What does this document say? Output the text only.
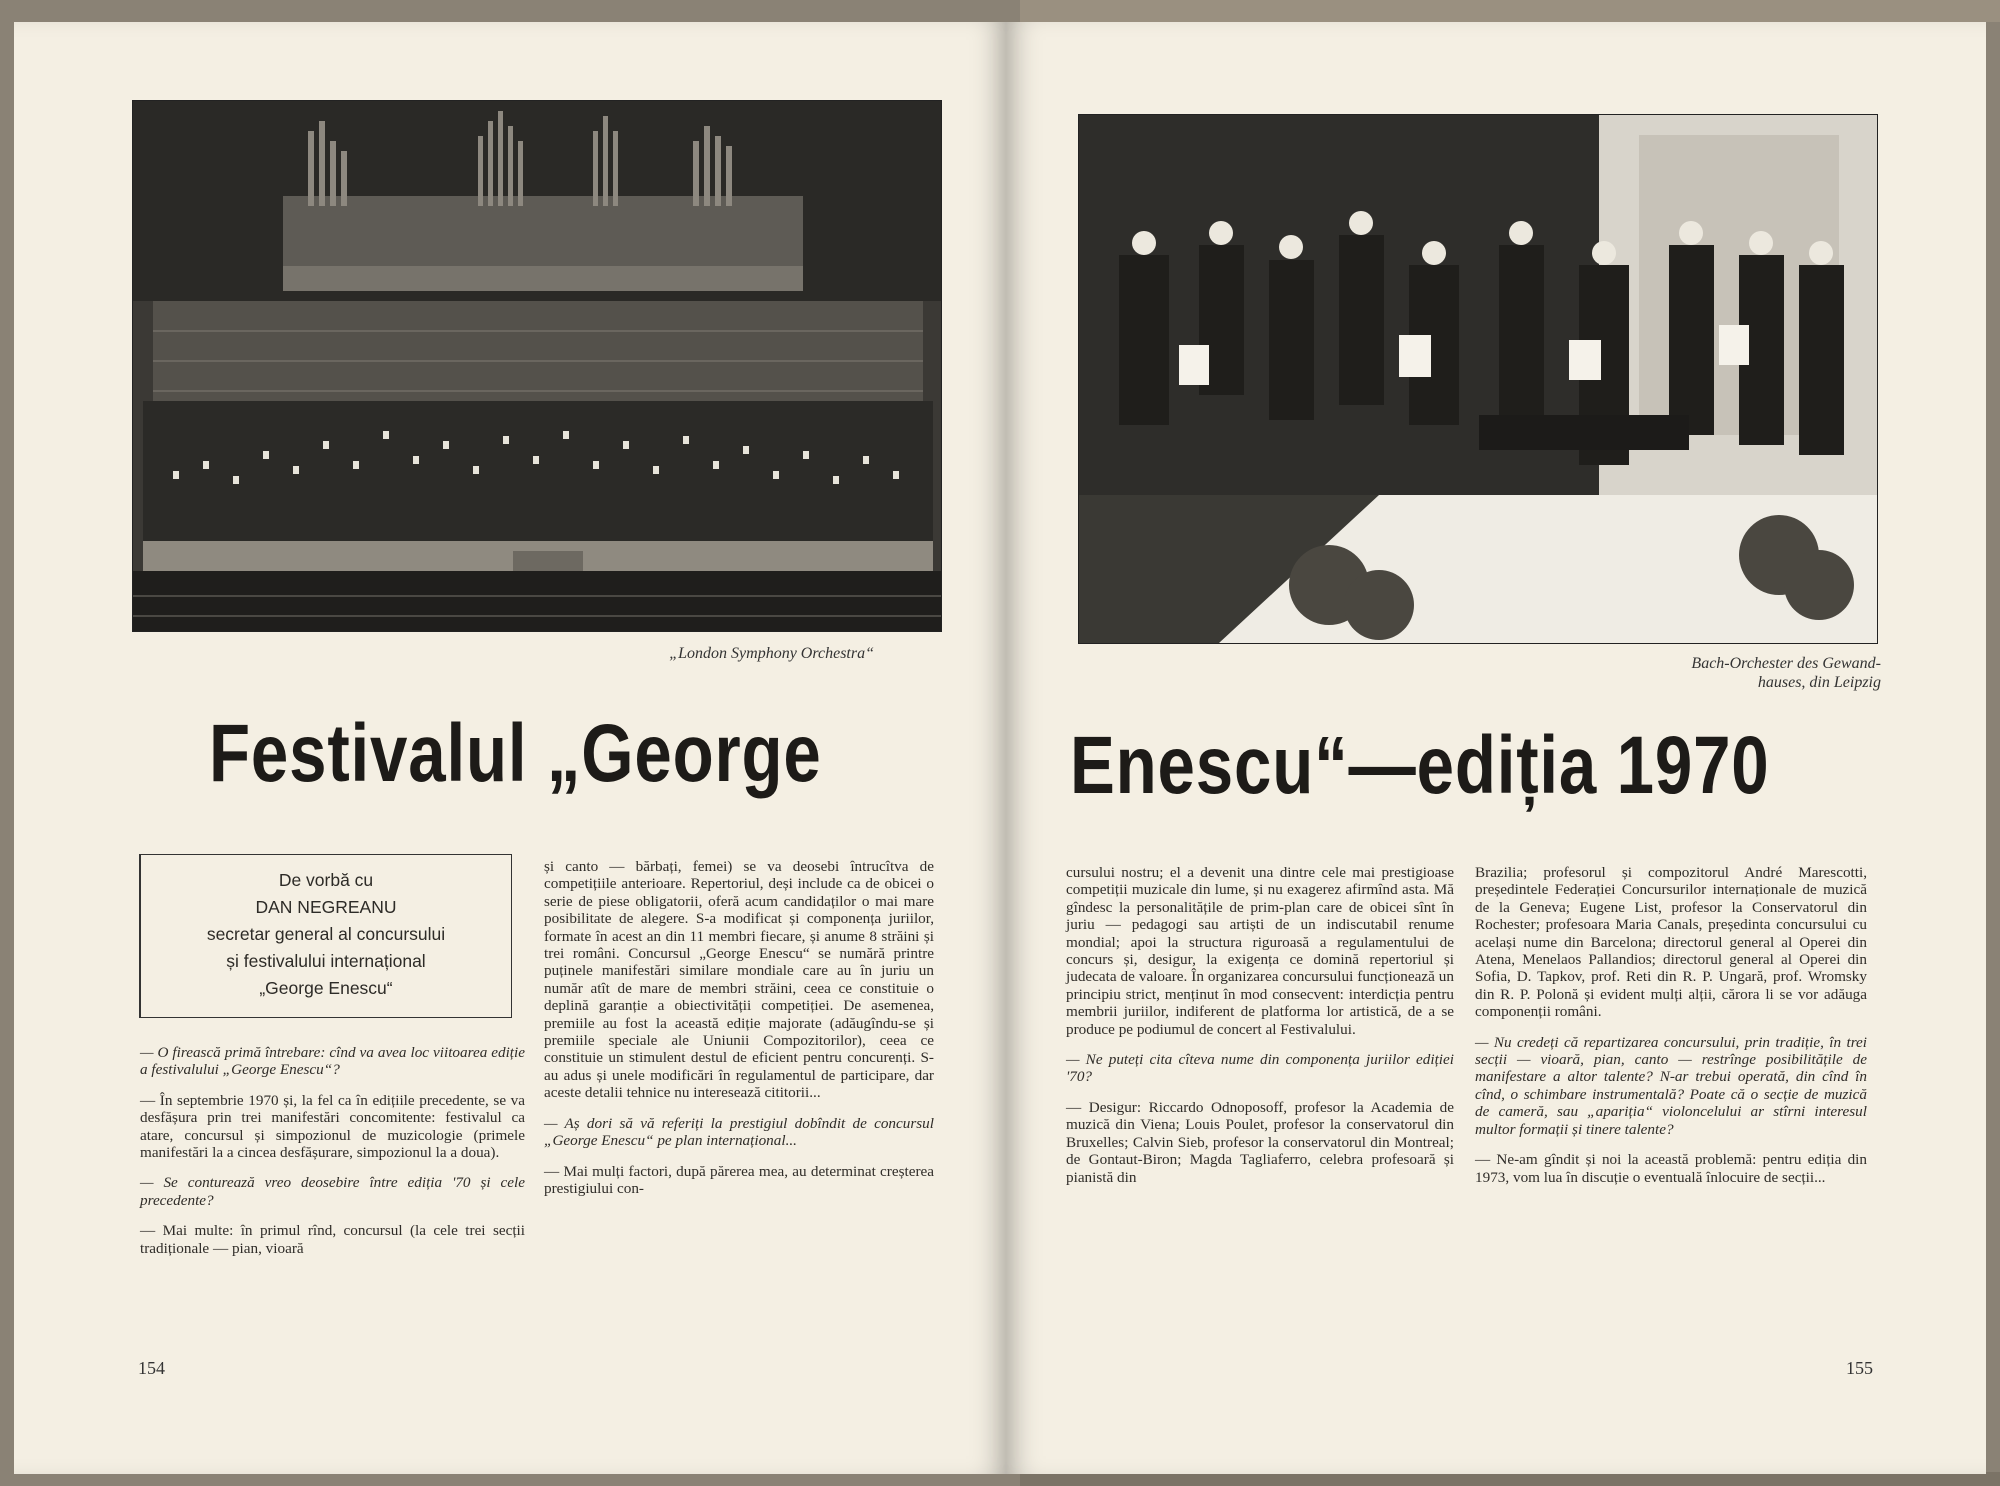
„London Symphony Orchestra“
Festivalul „George
De vorbă cu
DAN NEGREANU
secretar general al concursului
și festivalului internațional
„George Enescu“

— O firească primă întrebare: cînd va avea loc viitoarea ediție a festivalului „George Enescu“?

— În septembrie 1970 și, la fel ca în edițiile precedente, se va desfășura prin trei manifestări concomitente: festivalul ca atare, concursul și simpozionul de muzicologie (primele manifestări la a cincea desfășurare, simpozionul la a doua).

— Se conturează vreo deosebire între ediția '70 și cele precedente?

— Mai multe: în primul rînd, concursul (la cele trei secții tradiționale — pian, vioară

și canto — bărbați, femei) se va deosebi întrucîtva de competițiile anterioare. Repertoriul, deși include ca de obicei o serie de piese obligatorii, oferă acum candidaților o mai mare posibilitate de alegere. S-a modificat și componența juriilor, formate în acest an din 11 membri fiecare, și anume 8 străini și trei români. Concursul „George Enescu“ se numără printre puținele manifestări similare mondiale care au în juriu un număr atît de mare de membri străini, ceea ce constituie o deplină garanție a obiectivității competiției. De asemenea, premiile au fost la această ediție majorate (adăugîndu-se și premiile speciale ale Uniunii Compozitorilor), ceea ce constituie un stimulent destul de eficient pentru concurenți. S-au adus și unele modificări în regulamentul de participare, dar aceste detalii tehnice nu interesează cititorii...

— Aș dori să vă referiți la prestigiul dobîndit de concursul „George Enescu“ pe plan internațional...

— Mai mulți factori, după părerea mea, au determinat creșterea prestigiului con-

154
Bach-Orchester des Gewand-
hauses, din Leipzig
Enescu“—ediția 1970

cursului nostru; el a devenit una dintre cele mai prestigioase competiții muzicale din lume, și nu exagerez afirmînd asta. Mă gîndesc la personalitățile de prim-plan care de obicei sînt în juriu — pedagogi sau artiști de un indiscutabil renume mondial; apoi la structura riguroasă a regulamentului de concurs și, desigur, la exigența ce domină repertoriul și judecata de valoare. În organizarea concursului funcționează un principiu strict, menținut în mod consecvent: interdicția pentru membrii juriilor, indiferent de platforma lor artistică, de a se produce pe podiumul de concert al Festivalului.

— Ne puteți cita cîteva nume din componența juriilor ediției '70?

— Desigur: Riccardo Odnoposoff, profesor la Academia de muzică din Viena; Louis Poulet, profesor la conservatorul din Bruxelles; Calvin Sieb, profesor la conservatorul din Montreal; de Gontaut-Biron; Magda Tagliaferro, celebra profesoară și pianistă din

Brazilia; profesorul și compozitorul André Marescotti, președintele Federației Concursurilor internaționale de muzică de la Geneva; Eugene List, profesor la Conservatorul din Rochester; profesoara Maria Canals, președinta concursului cu același nume din Barcelona; directorul general al Operei din Atena, Menelaos Pallandios; directorul general al Operei din Sofia, D. Tapkov, prof. Reti din R. P. Ungară, prof. Wromsky din R. P. Polonă și evident mulți alții, cărora li se vor adăuga componenții români.

— Nu credeți că repartizarea concursului, prin tradiție, în trei secții — vioară, pian, canto — restrînge posibilitățile de manifestare a altor talente? N-ar trebui operată, din cînd în cînd, o schimbare instrumentală? Poate că o secție de muzică de cameră, sau „apariția“ violoncelului ar stîrni interesul multor formații și tinere talente?

— Ne-am gîndit și noi la această problemă: pentru ediția din 1973, vom lua în discuție o eventuală înlocuire de secții...

155
